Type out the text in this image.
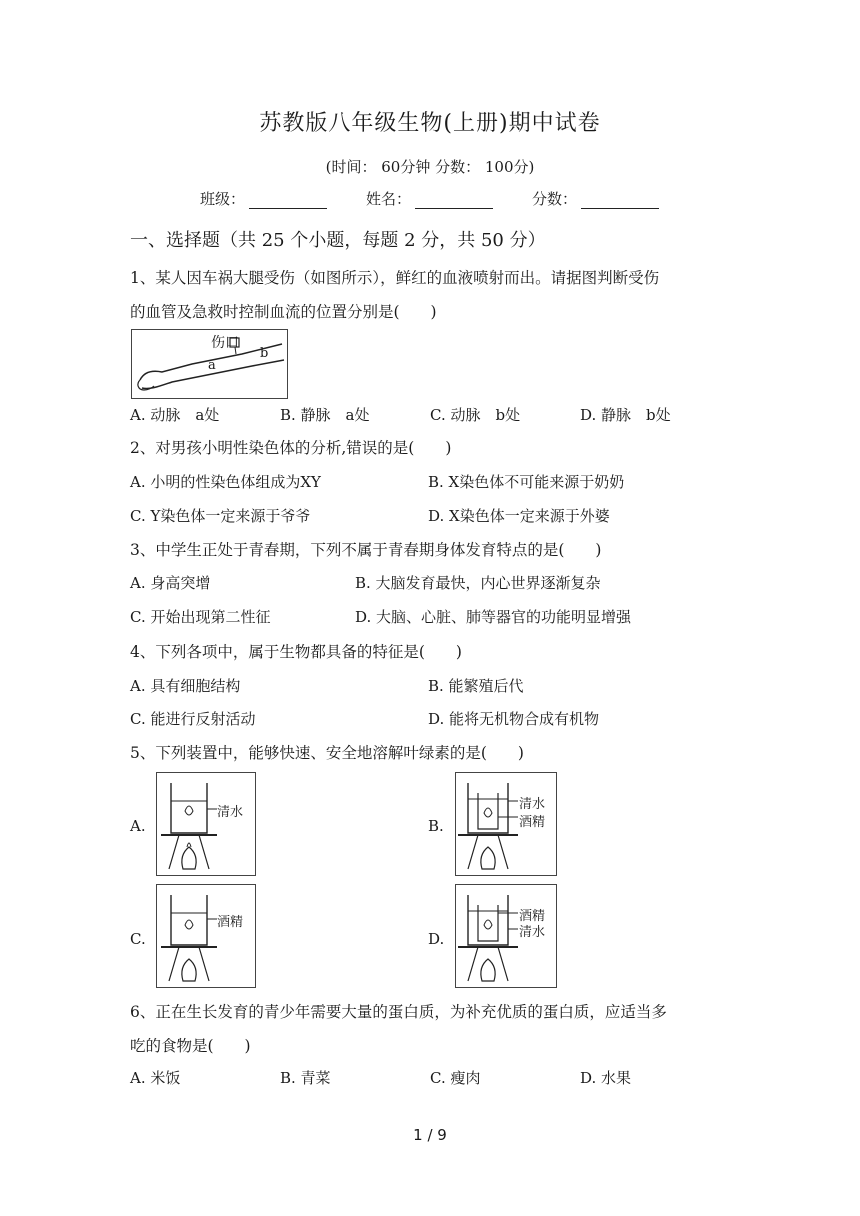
苏教版八年级生物(上册)期中试卷
(时间： 60分钟 分数： 100分)
班级：	姓名：	分数：
一、选择题（共 25 个小题，每题 2 分，共 50 分）
1、某人因车祸大腿受伤（如图所示），鲜红的血液喷射而出。请据图判断受伤
的血管及急救时控制血流的位置分别是(　　)
伤口
a
b
A. 动脉　a处	B. 静脉　a处	C. 动脉　b处	D. 静脉　b处
2、对男孩小明性染色体的分析,错误的是(　　)
A. 小明的性染色体组成为XY	B. X染色体不可能来源于奶奶
C. Y染色体一定来源于爷爷	D. X染色体一定来源于外婆
3、中学生正处于青春期，下列不属于青春期身体发育特点的是(　　)
A. 身高突增	B. 大脑发育最快，内心世界逐渐复杂
C. 开始出现第二性征	D. 大脑、心脏、肺等器官的功能明显增强
4、下列各项中，属于生物都具备的特征是(　　)
A. 具有细胞结构	B. 能繁殖后代
C. 能进行反射活动	D. 能将无机物合成有机物
5、下列装置中，能够快速、安全地溶解叶绿素的是(　　)
A.
清水
B.
清水
酒精
C.
酒精
D.
酒精
清水
6、正在生长发育的青少年需要大量的蛋白质，为补充优质的蛋白质，应适当多
吃的食物是(　　)
A. 米饭	B. 青菜	C. 瘦肉	D. 水果
1 / 9
